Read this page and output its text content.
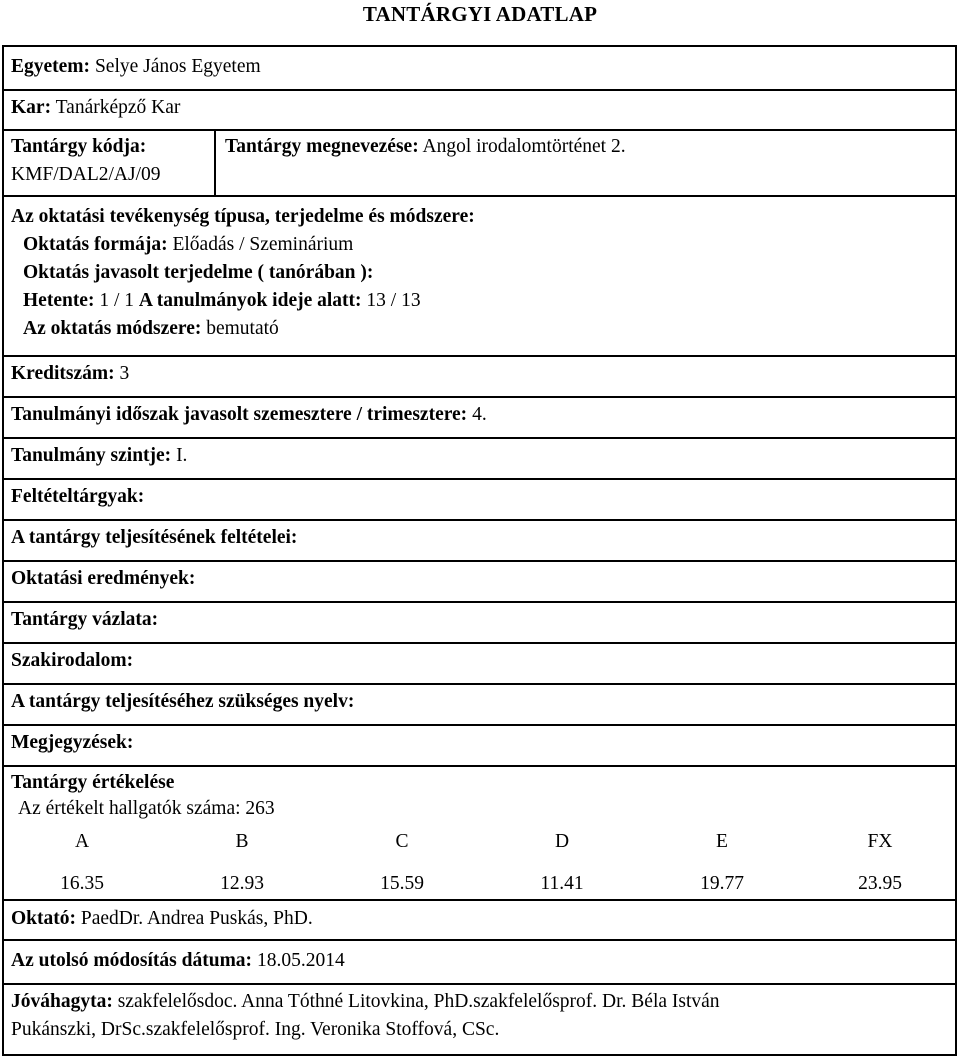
TANTÁRGYI ADATLAP
Egyetem: Selye János Egyetem
Kar: Tanárképző Kar
Tantárgy kódja:
KMF/DAL2/AJ/09
Tantárgy megnevezése: Angol irodalomtörténet 2.
Az oktatási tevékenység típusa, terjedelme és módszere:
Oktatás formája: Előadás / Szeminárium
Oktatás javasolt terjedelme ( tanórában ):
Hetente: 1 / 1 A tanulmányok ideje alatt: 13 / 13
Az oktatás módszere: bemutató
Kreditszám: 3
Tanulmányi időszak javasolt szemesztere / trimesztere: 4.
Tanulmány szintje: I.
Feltételtárgyak:
A tantárgy teljesítésének feltételei:
Oktatási eredmények:
Tantárgy vázlata:
Szakirodalom:
A tantárgy teljesítéséhez szükséges nyelv:
Megjegyzések:
Tantárgy értékelése
Az értékelt hallgatók száma: 263
A	B	C	D	E	FX
16.35	12.93	15.59	11.41	19.77	23.95
Oktató: PaedDr. Andrea Puskás, PhD.
Az utolsó módosítás dátuma: 18.05.2014
Jóváhagyta: szakfelelősdoc. Anna Tóthné Litovkina, PhD.szakfelelősprof. Dr. Béla István
Pukánszki, DrSc.szakfelelősprof. Ing. Veronika Stoffová, CSc.
